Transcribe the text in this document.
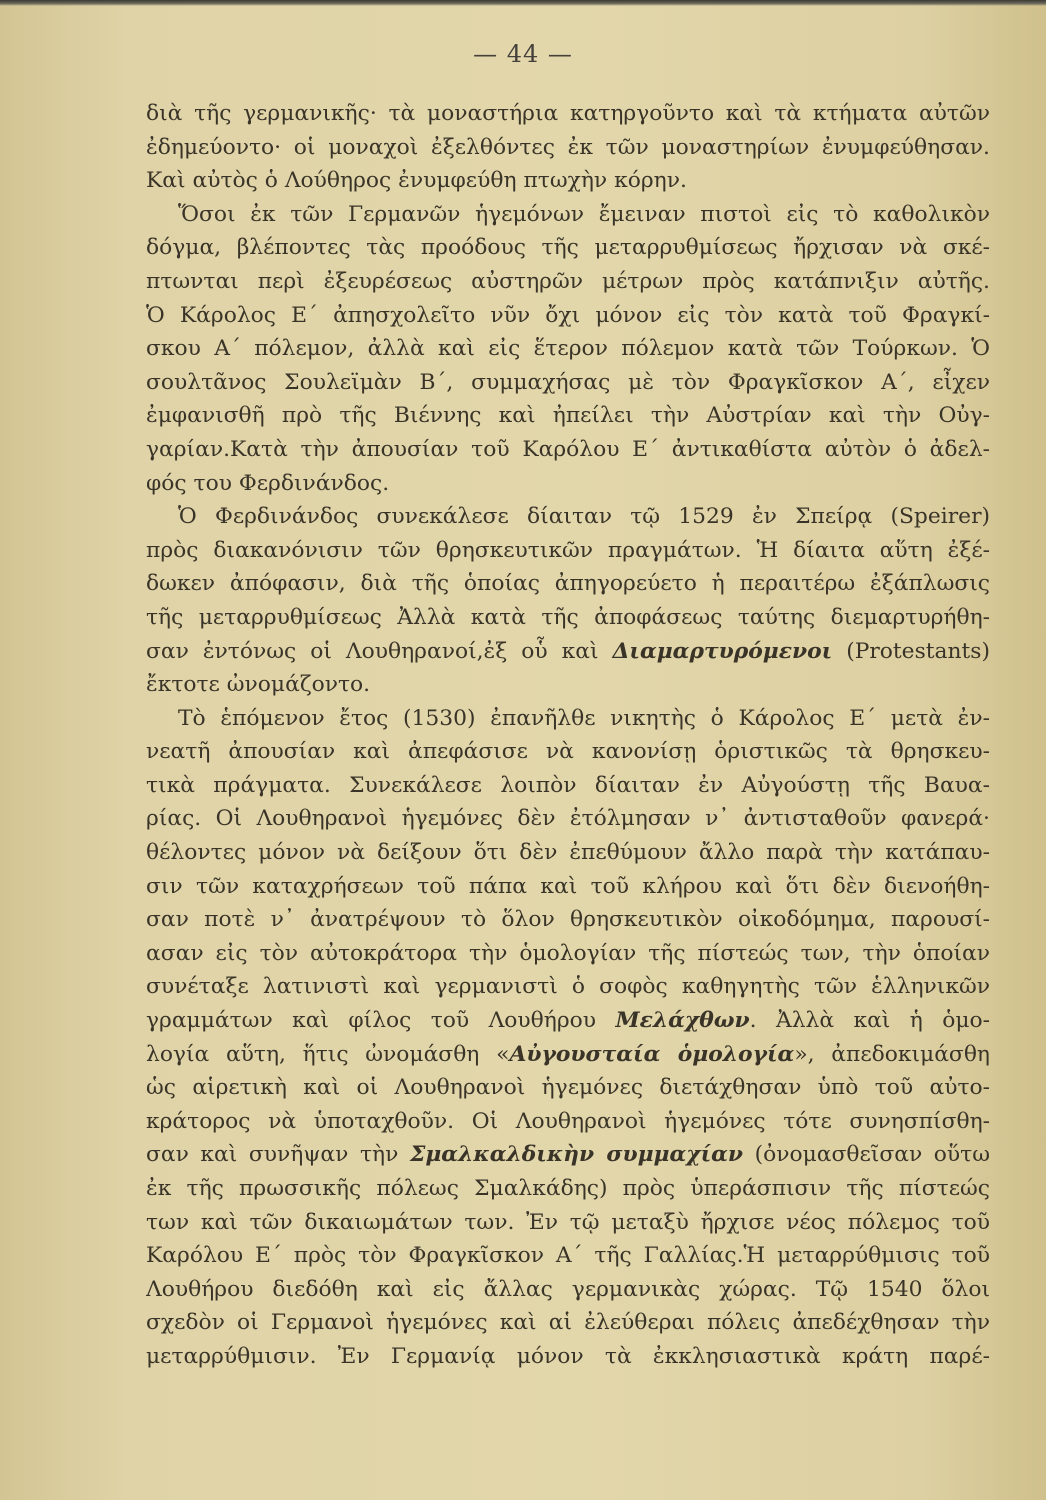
— 44 —
διὰ τῆς γερμανικῆς· τὰ μοναστήρια κατηργοῦντο καὶ τὰ κτήματα αὐτῶν
ἐδημεύοντο· οἱ μοναχοὶ ἐξελθόντες ἐκ τῶν μοναστηρίων ἐνυμφεύθησαν.
Καὶ αὐτὸς ὁ Λούθηρος ἐνυμφεύθη πτωχὴν κόρην.
Ὅσοι ἐκ τῶν Γερμανῶν ἡγεμόνων ἔμειναν πιστοὶ εἰς τὸ καθολικὸν
δόγμα, βλέποντες τὰς προόδους τῆς μεταρρυθμίσεως ἤρχισαν νὰ σκέ-
πτωνται περὶ ἐξευρέσεως αὐστηρῶν μέτρων πρὸς κατάπνιξιν αὐτῆς.
Ὁ Κάρολος Ε΄ ἀπησχολεῖτο νῦν ὄχι μόνον εἰς τὸν κατὰ τοῦ Φραγκί-
σκου Α΄ πόλεμον, ἀλλὰ καὶ εἰς ἕτερον πόλεμον κατὰ τῶν Τούρκων. Ὁ
σουλτᾶνος Σουλεϊμὰν Β΄, συμμαχήσας μὲ τὸν Φραγκῖσκον Α΄, εἶχεν
ἐμφανισθῆ πρὸ τῆς Βιέννης καὶ ἠπείλει τὴν Αὐστρίαν καὶ τὴν Οὐγ-
γαρίαν.Κατὰ τὴν ἀπουσίαν τοῦ Καρόλου Ε΄ ἀντικαθίστα αὐτὸν ὁ ἀδελ-
φός του Φερδινάνδος.
Ὁ Φερδινάνδος συνεκάλεσε δίαιταν τῷ 1529 ἐν Σπείρᾳ (Speirer)
πρὸς διακανόνισιν τῶν θρησκευτικῶν πραγμάτων. Ἡ δίαιτα αὕτη ἐξέ-
δωκεν ἀπόφασιν, διὰ τῆς ὁποίας ἀπηγορεύετο ἡ περαιτέρω ἐξάπλωσις
τῆς μεταρρυθμίσεως Ἀλλὰ κατὰ τῆς ἀποφάσεως ταύτης διεμαρτυρήθη-
σαν ἐντόνως οἱ Λουθηρανοί,ἐξ οὗ καὶ Διαμαρτυρόμενοι (Protestants)
ἔκτοτε ὠνομάζοντο.
Τὸ ἑπόμενον ἔτος (1530) ἐπανῆλθε νικητὴς ὁ Κάρολος Ε΄ μετὰ ἐν-
νεατῆ ἀπουσίαν καὶ ἀπεφάσισε νὰ κανονίσῃ ὁριστικῶς τὰ θρησκευ-
τικὰ πράγματα. Συνεκάλεσε λοιπὸν δίαιταν ἐν Αὐγούστῃ τῆς Βαυα-
ρίας. Οἱ Λουθηρανοὶ ἡγεμόνες δὲν ἐτόλμησαν ν᾿ ἀντισταθοῦν φανερά·
θέλοντες μόνον νὰ δείξουν ὅτι δὲν ἐπεθύμουν ἄλλο παρὰ τὴν κατάπαυ-
σιν τῶν καταχρήσεων τοῦ πάπα καὶ τοῦ κλήρου καὶ ὅτι δὲν διενοήθη-
σαν ποτὲ ν᾿ ἀνατρέψουν τὸ ὅλον θρησκευτικὸν οἰκοδόμημα, παρουσί-
ασαν εἰς τὸν αὐτοκράτορα τὴν ὁμολογίαν τῆς πίστεώς των, τὴν ὁποίαν
συνέταξε λατινιστὶ καὶ γερμανιστὶ ὁ σοφὸς καθηγητὴς τῶν ἑλληνικῶν
γραμμάτων καὶ φίλος τοῦ Λουθήρου Μελάχθων. Ἀλλὰ καὶ ἡ ὁμο-
λογία αὕτη, ἥτις ὠνομάσθη «Αὐγουσταία ὁμολογία», ἀπεδοκιμάσθη
ὡς αἱρετικὴ καὶ οἱ Λουθηρανοὶ ἡγεμόνες διετάχθησαν ὑπὸ τοῦ αὐτο-
κράτορος νὰ ὑποταχθοῦν. Οἱ Λουθηρανοὶ ἡγεμόνες τότε συνησπίσθη-
σαν καὶ συνῆψαν τὴν Σμαλκαλδικὴν συμμαχίαν (ὀνομασθεῖσαν οὕτω
ἐκ τῆς πρωσσικῆς πόλεως Σμαλκάδης) πρὸς ὑπεράσπισιν τῆς πίστεώς
των καὶ τῶν δικαιωμάτων των. Ἐν τῷ μεταξὺ ἤρχισε νέος πόλεμος τοῦ
Καρόλου Ε΄ πρὸς τὸν Φραγκῖσκον Α΄ τῆς Γαλλίας.Ἡ μεταρρύθμισις τοῦ
Λουθήρου διεδόθη καὶ εἰς ἄλλας γερμανικὰς χώρας. Τῷ 1540 ὅλοι
σχεδὸν οἱ Γερμανοὶ ἡγεμόνες καὶ αἱ ἐλεύθεραι πόλεις ἀπεδέχθησαν τὴν
μεταρρύθμισιν. Ἐν Γερμανίᾳ μόνον τὰ ἐκκλησιαστικὰ κράτη παρέ-
